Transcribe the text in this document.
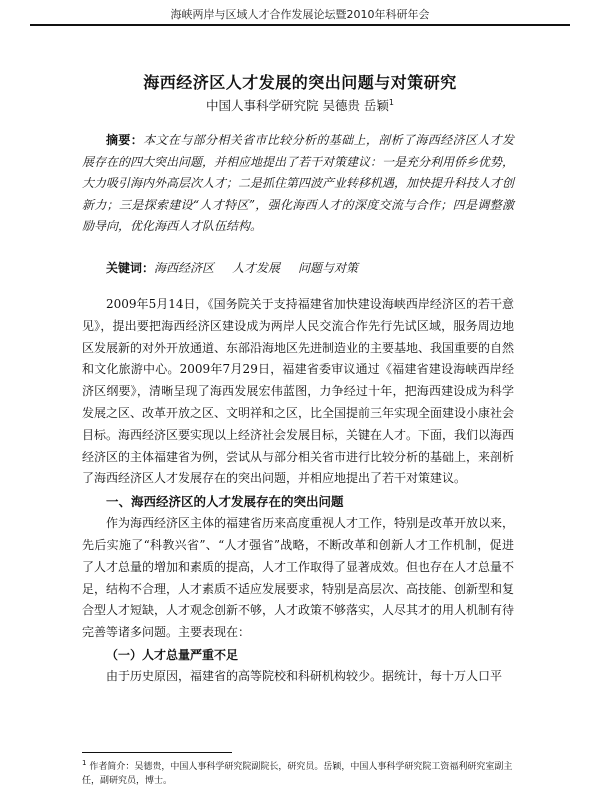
海峡两岸与区域人才合作发展论坛暨2010年科研年会
海西经济区人才发展的突出问题与对策研究
中国人事科学研究院 吴德贵 岳颖$^1$
摘要：本文在与部分相关省市比较分析的基础上，剖析了海西经济区人才发展存在的四大突出问题，并相应地提出了若干对策建议：一是充分利用侨乡优势，大力吸引海内外高层次人才；二是抓住第四波产业转移机遇，加快提升科技人才创新力；三是探索建设“人才特区”，强化海西人才的深度交流与合作；四是调整激励导向，优化海西人才队伍结构。
关键词：海西经济区 人才发展 问题与对策

2009年5月14日，《国务院关于支持福建省加快建设海峡西岸经济区的若干意见》，提出要把海西经济区建设成为两岸人民交流合作先行先试区域，服务周边地区发展新的对外开放通道、东部沿海地区先进制造业的主要基地、我国重要的自然和文化旅游中心。2009年7月29日，福建省委审议通过《福建省建设海峡西岸经济区纲要》，清晰呈现了海西发展宏伟蓝图，力争经过十年，把海西建设成为科学发展之区、改革开放之区、文明祥和之区，比全国提前三年实现全面建设小康社会目标。海西经济区要实现以上经济社会发展目标，关键在人才。下面，我们以海西经济区的主体福建省为例，尝试从与部分相关省市进行比较分析的基础上，来剖析了海西经济区人才发展存在的突出问题，并相应地提出了若干对策建议。

一、海西经济区的人才发展存在的突出问题

作为海西经济区主体的福建省历来高度重视人才工作，特别是改革开放以来，先后实施了“科教兴省”、“人才强省”战略，不断改革和创新人才工作机制，促进了人才总量的增加和素质的提高，人才工作取得了显著成效。但也存在人才总量不足，结构不合理，人才素质不适应发展要求，特别是高层次、高技能、创新型和复合型人才短缺，人才观念创新不够，人才政策不够落实，人尽其才的用人机制有待完善等诸多问题。主要表现在：

（一）人才总量严重不足

由于历史原因，福建省的高等院校和科研机构较少。据统计，每十万人口平

$^1$ 作者简介：吴德贵，中国人事科学研究院副院长，研究员。岳颖，中国人事科学研究院工资福利研究室副主任，副研究员，博士。
